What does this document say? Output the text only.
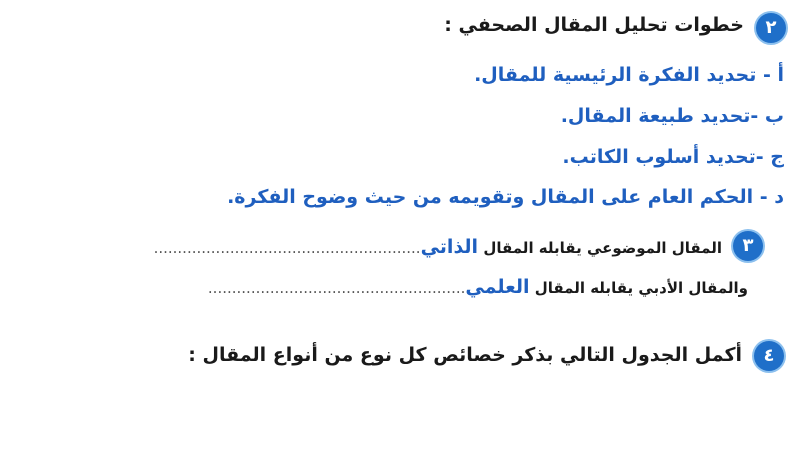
٢
خطوات تحليل المقال الصحفي :
أ - تحديد الفكرة الرئيسية للمقال.
ب -تحديد طبيعة المقال.
ج -تحديد أسلوب الكاتب.
د - الحكم العام على المقال وتقويمه من حيث وضوح الفكرة.
٣
المقال الموضوعي يقابله المقال الذاتي........................................................
والمقال الأدبي يقابله المقال العلمي......................................................
٤
أكمل الجدول التالي بذكر خصائص كل نوع من أنواع المقال :
